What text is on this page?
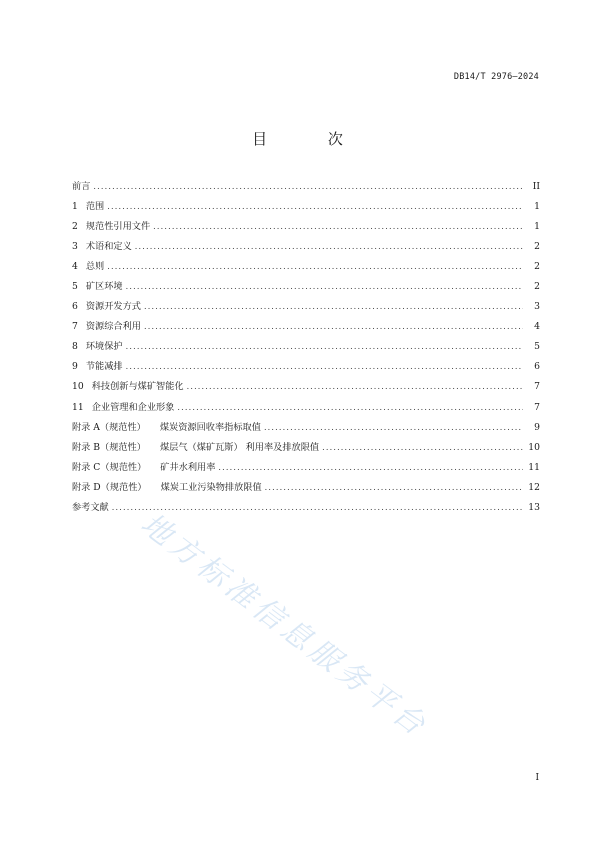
DB14/T 2976—2024
目 次
前言 .....	II
1 范围 .....	1
2 规范性引用文件 .....	1
3 术语和定义 .....	2
4 总则 .....	2
5 矿区环境 .....	2
6 资源开发方式 .....	3
7 资源综合利用 .....	4
8 环境保护 .....	5
9 节能减排 .....	6
10 科技创新与煤矿智能化 .....	7
11 企业管理和企业形象 .....	7
附录 A（规范性） 煤炭资源回收率指标取值 .....	9
附录 B（规范性） 煤层气（煤矿瓦斯） 利用率及排放限值 .....	10
附录 C（规范性） 矿井水利用率 .....	11
附录 D（规范性） 煤炭工业污染物排放限值 .....	12
参考文献 .....	13
地方标准信息服务平台
I
